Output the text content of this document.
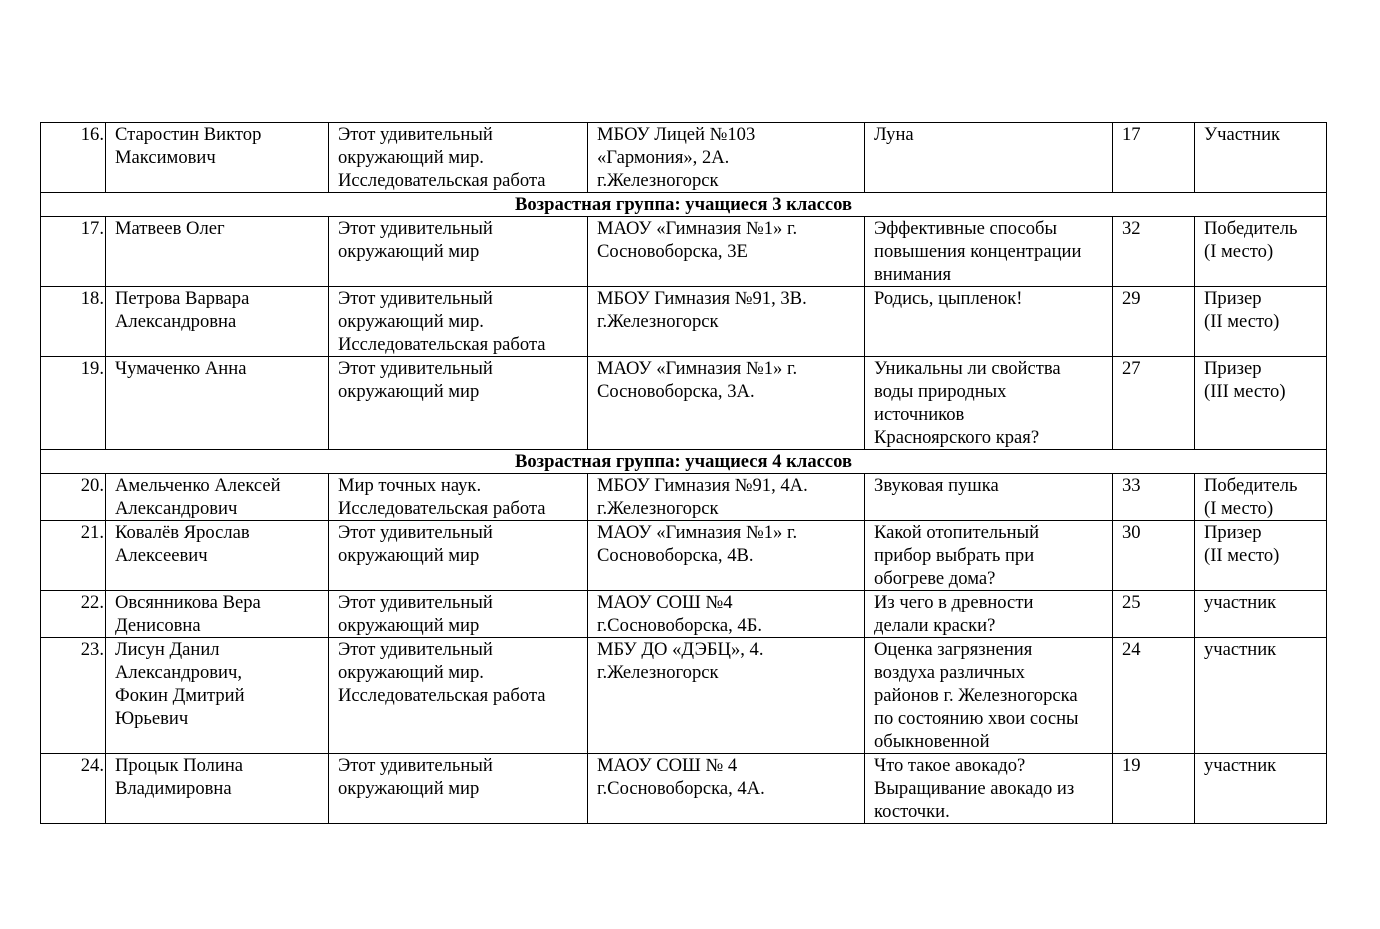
16.	Старостин Виктор
Максимович	Этот удивительный
окружающий мир.
Исследовательская работа	МБОУ Лицей №103
«Гармония», 2А.
г.Железногорск	Луна	17	Участник

Возрастная группа: учащиеся 3 классов						
17.	Матвеев Олег	Этот удивительный
окружающий мир	МАОУ «Гимназия №1» г.
Сосновоборска, 3Е	Эффективные способы
повышения концентрации
внимания	32	Победитель
(I место)

18.	Петрова Варвара
Александровна	Этот удивительный
окружающий мир.
Исследовательская работа	МБОУ Гимназия №91, 3В.
г.Железногорск	Родись, цыпленок!	29	Призер
(II место)

19.	Чумаченко Анна	Этот удивительный
окружающий мир	МАОУ «Гимназия №1» г.
Сосновоборска, 3А.	Уникальны ли свойства
воды природных
источников
Красноярского края?	27	Призер
(III место)

Возрастная группа: учащиеся 4 классов						
20.	Амельченко Алексей
Александрович	Мир точных наук.
Исследовательская работа	МБОУ Гимназия №91, 4А.
г.Железногорск	Звуковая пушка	33	Победитель
(I место)

21.	Ковалёв Ярослав
Алексеевич	Этот удивительный
окружающий мир	МАОУ «Гимназия №1» г.
Сосновоборска, 4В.	Какой отопительный
прибор выбрать при
обогреве дома?	30	Призер
(II место)

22.	Овсянникова Вера
Денисовна	Этот удивительный
окружающий мир	МАОУ СОШ №4
г.Сосновоборска, 4Б.	Из чего в древности
делали краски?	25	участник

23.	Лисун Данил
Александрович,
Фокин Дмитрий
Юрьевич	Этот удивительный
окружающий мир.
Исследовательская работа	МБУ ДО «ДЭБЦ», 4.
г.Железногорск	Оценка загрязнения
воздуха различных
районов г. Железногорска
по состоянию хвои сосны
обыкновенной	24	участник

24.	Процык Полина
Владимировна	Этот удивительный
окружающий мир	МАОУ СОШ № 4
г.Сосновоборска, 4А.	Что такое авокадо?
Выращивание авокадо из
косточки.	19	участник
